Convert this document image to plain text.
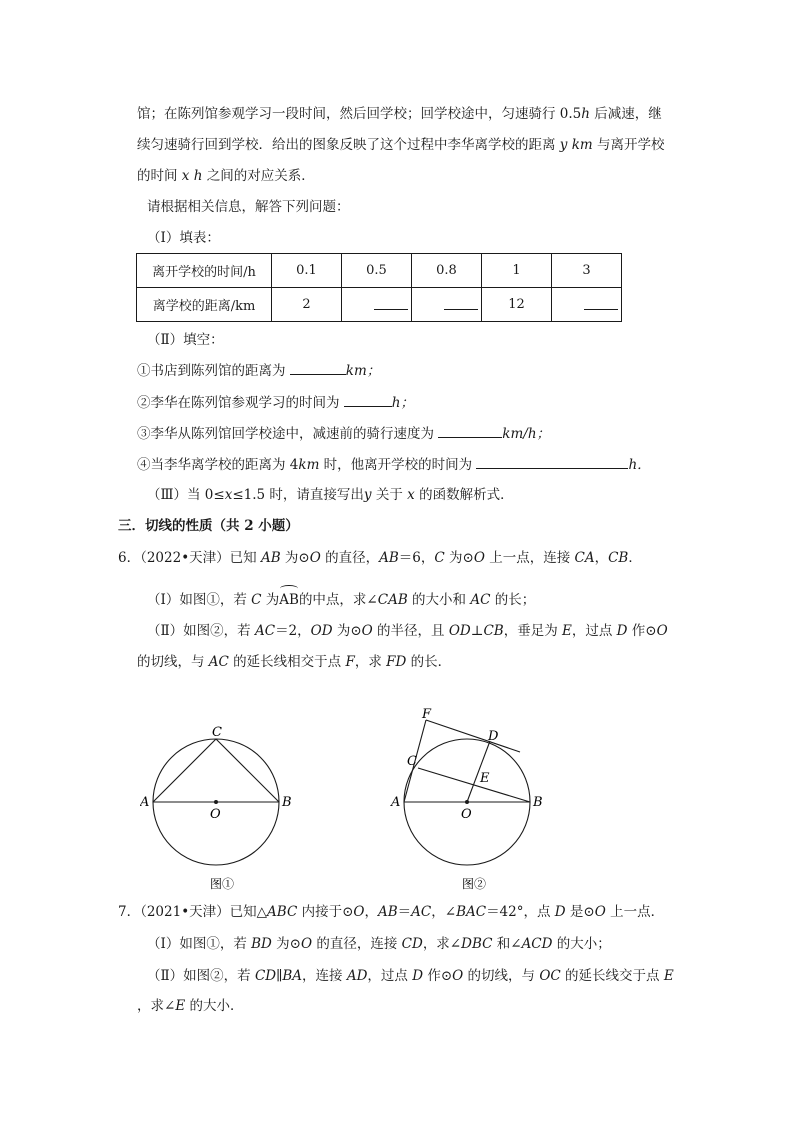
馆；在陈列馆参观学习一段时间，然后回学校；回学校途中，匀速骑行 0.5h 后减速，继
续匀速骑行回到学校．给出的图象反映了这个过程中李华离学校的距离 y km 与离开学校
的时间 x h 之间的对应关系．
请根据相关信息，解答下列问题：
（Ⅰ）填表：
离开学校的时间/h	0.1	0.5	0.8	1	3
离学校的距离/km	2			12	
（Ⅱ）填空：
①书店到陈列馆的距离为	km；
②李华在陈列馆参观学习的时间为	h；
③李华从陈列馆回学校途中，减速前的骑行速度为	km/h；
④当李华离学校的距离为 4km 时，他离开学校的时间为	h．
（Ⅲ）当 0≤x≤1.5 时，请直接写出y 关于 x 的函数解析式．
三．切线的性质（共 2 小题）
6．（2022•天津）已知 AB 为⊙O 的直径，AB＝6，C 为⊙O 上一点，连接 CA，CB．
（Ⅰ）如图①，若 C 为AB的中点，求∠CAB 的大小和 AC 的长；
（Ⅱ）如图②，若 AC＝2，OD 为⊙O 的半径，且 OD⊥CB，垂足为 E，过点 D 作⊙O
的切线，与 AC 的延长线相交于点 F，求 FD 的长．
C
A	B
O
图①
F
D
C
E
A	B
O
图②
7．（2021•天津）已知△ABC 内接于⊙O，AB＝AC，∠BAC＝42°，点 D 是⊙O 上一点．
（Ⅰ）如图①，若 BD 为⊙O 的直径，连接 CD，求∠DBC 和∠ACD 的大小；
（Ⅱ）如图②，若 CD∥BA，连接 AD，过点 D 作⊙O 的切线，与 OC 的延长线交于点 E
，求∠E 的大小．
